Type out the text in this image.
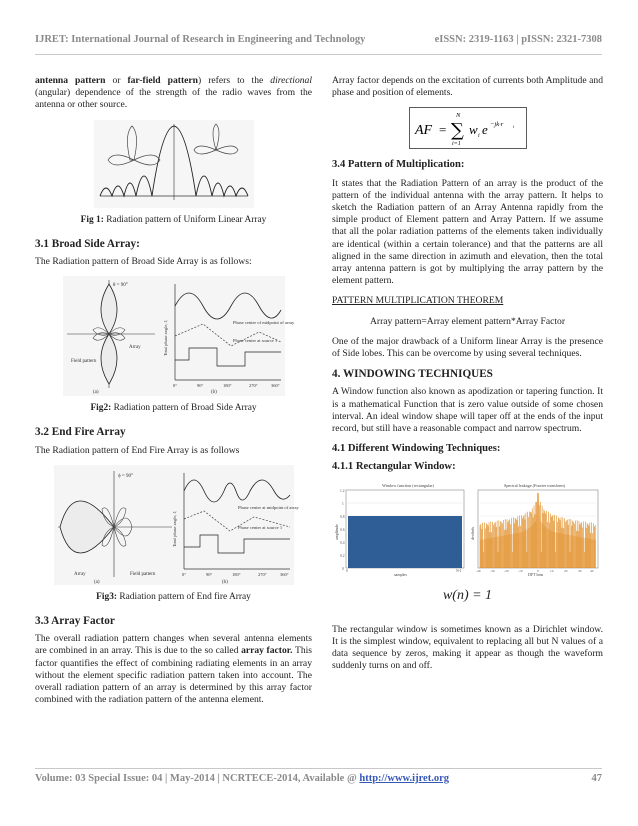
IJRET: International Journal of Research in Engineering and Technology	eISSN: 2319-1163 | pISSN: 2321-7308

antenna pattern or far-field pattern) refers to the directional (angular) dependence of the strength of the radio waves from the antenna or other source.

Fig 1: Radiation pattern of Uniform Linear Array
3.1 Broad Side Array:

The Radiation pattern of Broad Side Array is as follows:

θ = 90°
Array
Field pattern
(a)	(b)
Phase center of midpoint of array
Phase center at source 1
Total phase angle, ξ
0°	90°	180°	270°	360°
Fig2: Radiation pattern of Broad Side Array
3.2 End Fire Array

The Radiation pattern of End Fire Array is as follows

ϕ = 90°
Array	Field pattern
(a)	(b)
Phase center at midpoint of array
Phase center at source 1
Total phase angle, ξ
0°	90°	180°	270°	360°
Fig3: Radiation pattern of End fire Array
3.3 Array Factor

The overall radiation pattern changes when several antenna elements are combined in an array. This is due to the so called array factor. This factor quantifies the effect of combining radiating elements in an array without the element specific radiation pattern taken into account. The overall radiation pattern of an array is determined by this array factor combined with the radiation pattern of the antenna element.

Array factor depends on the excitation of currents both Amplitude and phase and position of elements.

AF = ∑
N
i=1
w i e −jk·r i
3.4 Pattern of Multiplication:

It states that the Radiation Pattern of an array is the product of the pattern of the individual antenna with the array pattern. It helps to sketch the Radiation pattern of an Array Antenna rapidly from the simple product of Element pattern and Array Pattern. If we assume that all the polar radiation patterns of the elements taken individually are identical (within a certain tolerance) and that the patterns are all aligned in the same direction in azimuth and elevation, then the total array antenna pattern is got by multiplying the array pattern by the element pattern.

PATTERN MULTIPLICATION THEOREM

Array pattern=Array element pattern*Array Factor

One of the major drawback of a Uniform linear Array is the presence of Side lobes. This can be overcome by using several techniques.

4. WINDOWING TECHNIQUES

A Window function also known as apodization or tapering function. It is a mathematical Function that is zero value outside of some chosen interval. An ideal window shape will taper off at the ends of the input record, but still have a reasonable compact and narrow spectrum.

4.1 Different Windowing Techniques:
4.1.1 Rectangular Window:
Window function (rectangular)
samples
amplitude
1.2
1
0.8
0.6
0.4
0.2
0 0	N-1
Spectral leakage (Fourier transform)
DFT bins
decibels
-40	-30	-20	-10	0	10	20	30	40
w(n) = 1

The rectangular window is sometimes known as a Dirichlet window. It is the simplest window, equivalent to replacing all but N values of a data sequence by zeros, making it appear as though the waveform suddenly turns on and off.

Volume: 03 Special Issue: 04 | May-2014 | NCRTECE-2014, Available @ http://www.ijret.org	47
